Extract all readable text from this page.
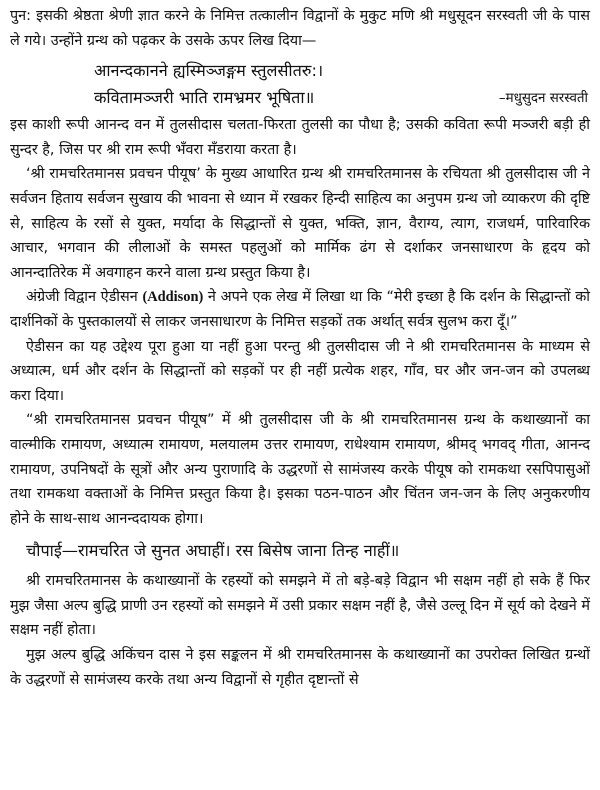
पुन: इसकी श्रेष्ठता श्रेणी ज्ञात करने के निमित्त तत्कालीन विद्वानों के मुकुट मणि श्री मधुसूदन सरस्वती जी के पास ले गये। उन्होंने ग्रन्थ को पढ़कर के उसके ऊपर लिख दिया—

आनन्दकानने ह्यस्मिञ्जङ्गम स्तुलसीतरु:।
कवितामञ्जरी भाति रामभ्रमर भूषिता॥	–मधुसुदन सरस्वती

इस काशी रूपी आनन्द वन में तुलसीदास चलता-फिरता तुलसी का पौधा है; उसकी कविता रूपी मञ्जरी बड़ी ही सुन्दर है, जिस पर श्री राम रूपी भँवरा मँडराया करता है।

‘श्री रामचरितमानस प्रवचन पीयूष’ के मुख्य आधारित ग्रन्थ श्री रामचरितमानस के रचियता श्री तुलसीदास जी ने सर्वजन हिताय सर्वजन सुखाय की भावना से ध्यान में रखकर हिन्दी साहित्य का अनुपम ग्रन्थ जो व्याकरण की दृष्टि से, साहित्य के रसों से युक्त, मर्यादा के सिद्धान्तों से युक्त, भक्ति, ज्ञान, वैराग्य, त्याग, राजधर्म, पारिवारिक आचार, भगवान की लीलाओं के समस्त पहलुओं को मार्मिक ढंग से दर्शाकर जनसाधारण के हृदय को आनन्दातिरेक में अवगाहन करने वाला ग्रन्थ प्रस्तुत किया है।

अंग्रेजी विद्वान ऐडीसन (Addison) ने अपने एक लेख में लिखा था कि “मेरी इच्छा है कि दर्शन के सिद्धान्तों को दार्शनिकों के पुस्तकालयों से लाकर जनसाधारण के निमित्त सड़कों तक अर्थात् सर्वत्र सुलभ करा दूँ।”

ऐडीसन का यह उद्देश्य पूरा हुआ या नहीं हुआ परन्तु श्री तुलसीदास जी ने श्री रामचरितमानस के माध्यम से अध्यात्म, धर्म और दर्शन के सिद्धान्तों को सड़कों पर ही नहीं प्रत्येक शहर, गाँव, घर और जन-जन को उपलब्ध करा दिया।

“श्री रामचरितमानस प्रवचन पीयूष” में श्री तुलसीदास जी के श्री रामचरितमानस ग्रन्थ के कथाख्यानों का वाल्मीकि रामायण, अध्यात्म रामायण, मलयालम उत्तर रामायण, राधेश्याम रामायण, श्रीमद् भगवद् गीता, आनन्द रामायण, उपनिषदों के सूत्रों और अन्य पुराणादि के उद्धरणों से सामंजस्य करके पीयूष को रामकथा रसपिपासुओं तथा रामकथा वक्ताओं के निमित्त प्रस्तुत किया है। इसका पठन-पाठन और चिंतन जन-जन के लिए अनुकरणीय होने के साथ-साथ आनन्ददायक होगा।

चौपाई—रामचरित जे सुनत अघाहीं। रस बिसेष जाना तिन्ह नाहीं॥

श्री रामचरितमानस के कथाख्यानों के रहस्यों को समझने में तो बड़े-बड़े विद्वान भी सक्षम नहीं हो सके हैं फिर मुझ जैसा अल्प बुद्धि प्राणी उन रहस्यों को समझने में उसी प्रकार सक्षम नहीं है, जैसे उल्लू दिन में सूर्य को देखने में सक्षम नहीं होता।

मुझ अल्प बुद्धि अकिंचन दास ने इस सङ्कलन में श्री रामचरितमानस के कथाख्यानों का उपरोक्त लिखित ग्रन्थों के उद्धरणों से सामंजस्य करके तथा अन्य विद्वानों से गृहीत दृष्टान्तों से
